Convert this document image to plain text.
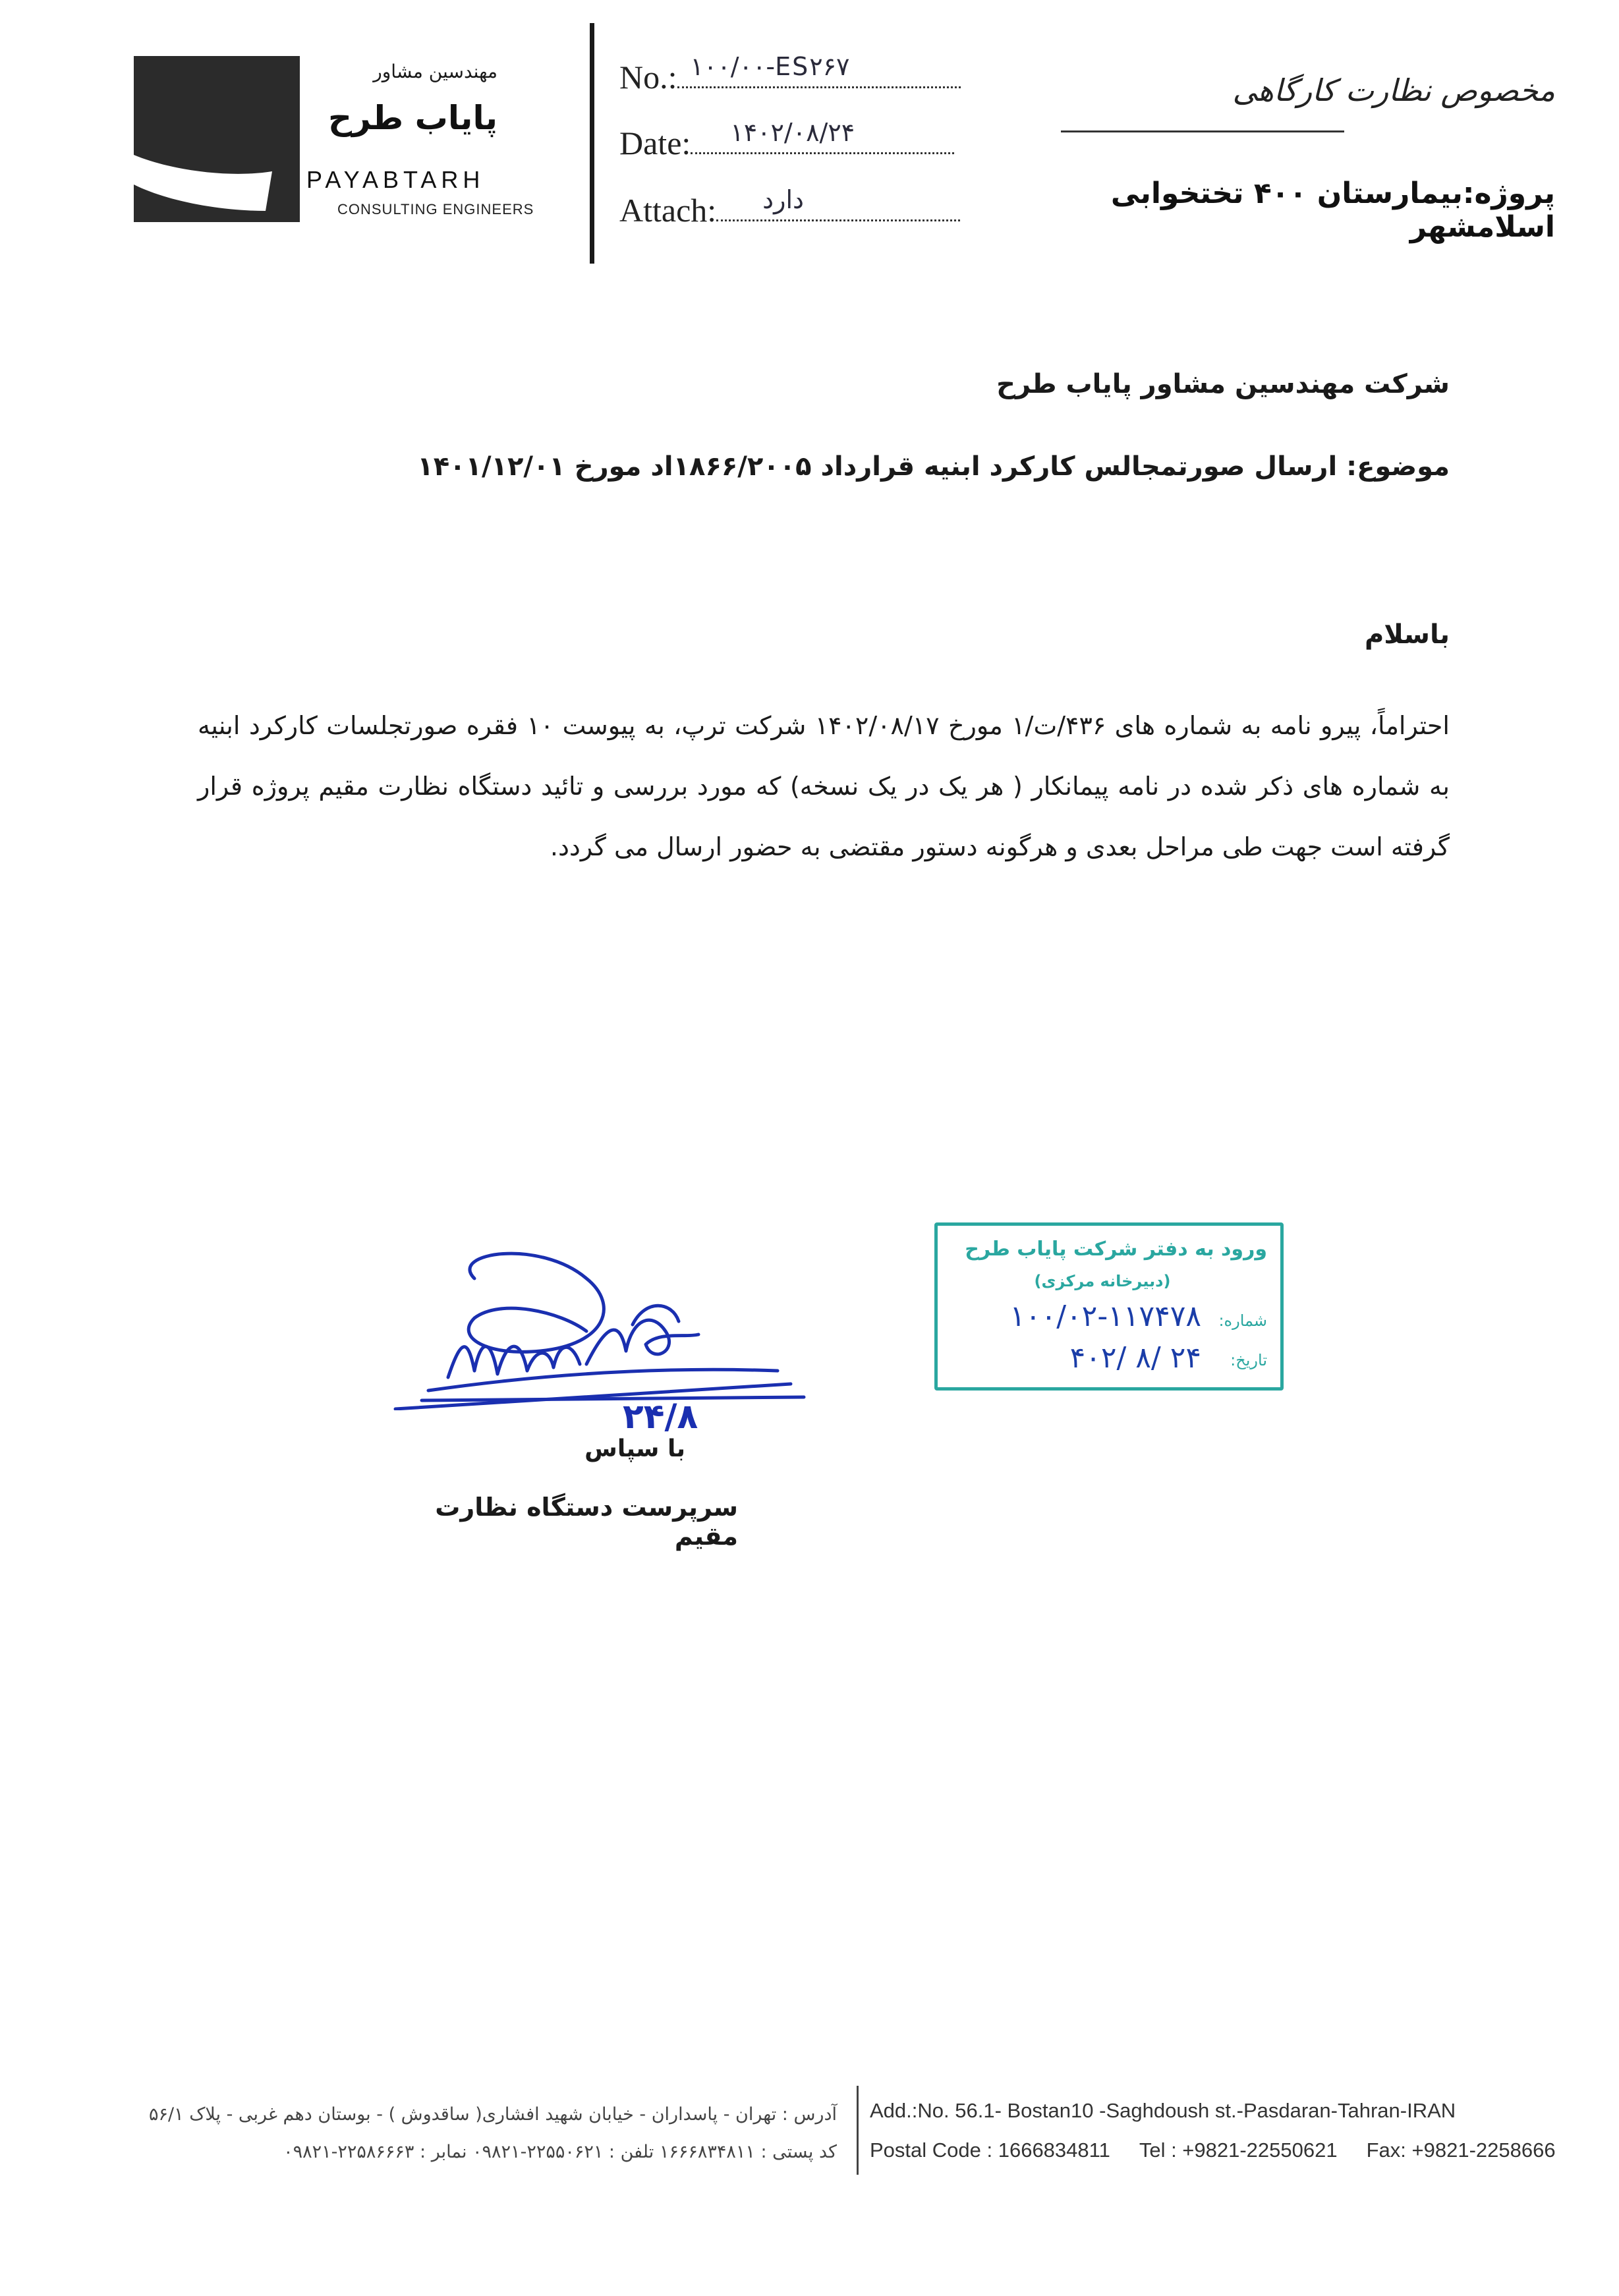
مهندسین مشاور
پایاب طرح
PAYABTARH
CONSULTING ENGINEERS
No.: ۱۰۰/۰۰-ES۲۶۷
Date: ۱۴۰۲/۰۸/۲۴
Attach: دارد
مخصوص نظارت کارگاهی
پروژه:بیمارستان ۴۰۰ تختخوابی اسلامشهر
شرکت مهندسین مشاور پایاب طرح
موضوع: ارسال صورتمجالس کارکرد ابنیه قرارداد ۱۸۶۶/۲۰۰۵اد مورخ ۱۴۰۱/۱۲/۰۱
باسلام
احتراماً، پیرو نامه به شماره های ۴۳۶/ت/۱ مورخ ۱۴۰۲/۰۸/۱۷ شرکت ترپ، به پیوست ۱۰ فقره صورتجلسات کارکرد ابنیه به شماره های ذکر شده در نامه پیمانکار ( هر یک در یک نسخه) که مورد بررسی و تائید دستگاه نظارت مقیم پروژه قرار گرفته است جهت طی مراحل بعدی و هرگونه دستور مقتضی به حضور ارسال می گردد.
ورود به دفتر شرکت پایاب طرح
(دبیرخانه مرکزی)
شماره:
۱۰۰/۰۲-۱۱۷۴۷۸
تاریخ:
۴۰۲/ ۸/ ۲۴
۲۴/۸
با سپاس
سرپرست دستگاه نظارت مقیم
آدرس : تهران - پاسداران - خیابان شهید افشاری( ساقدوش ) - بوستان دهم غربی - پلاک ۵۶/۱
کد پستی : ۱۶۶۶۸۳۴۸۱۱ تلفن : ۲۲۵۵۰۶۲۱-۰۹۸۲۱ نمابر : ۲۲۵۸۶۶۶۳-۰۹۸۲۱
Add.:No. 56.1- Bostan10 -Saghdoush st.-Pasdaran-Tahran-IRAN
Postal Code : 1666834811 Tel : +9821-22550621 Fax: +9821-2258666
